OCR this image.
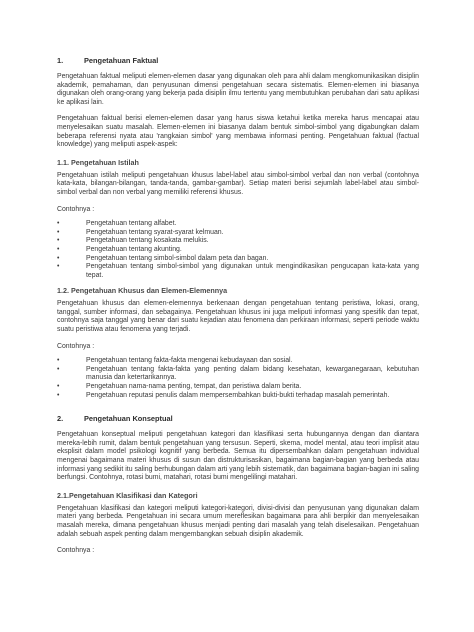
1.	Pengetahuan Faktual

Pengetahuan faktual meliputi elemen-elemen dasar yang digunakan oleh para ahli dalam mengkomunikasikan disiplin akademik, pemahaman, dan penyusunan dimensi pengetahuan secara sistematis. Elemen-elemen ini biasanya digunakan oleh orang-orang yang bekerja pada disiplin ilmu tertentu yang membutuhkan perubahan dari satu aplikasi ke aplikasi lain.

Pengetahuan faktual berisi elemen-elemen dasar yang harus siswa ketahui ketika mereka harus mencapai atau menyelesaikan suatu masalah. Elemen-elemen ini biasanya dalam bentuk simbol-simbol yang digabungkan dalam beberapa referensi nyata atau 'rangkaian simbol' yang membawa informasi penting. Pengetahuan faktual (factual knowledge) yang meliputi aspek-aspek:

1.1. Pengetahuan Istilah

Pengetahuan istilah meliputi pengetahuan khusus label-label atau simbol-simbol verbal dan non verbal (contohnya kata-kata, bilangan-bilangan, tanda-tanda, gambar-gambar). Setiap materi berisi sejumlah label-label atau simbol-simbol verbal dan non verbal yang memiliki referensi khusus.

Contohnya :

•	Pengetahuan tentang alfabet.
•	Pengetahuan tentang syarat-syarat kelmuan.
•	Pengetahuan tentang kosakata melukis.
•	Pengetahuan tentang akunting.
•	Pengetahuan tentang simbol-simbol dalam peta dan bagan.
•	Pengetahuan tentang simbol-simbol yang digunakan untuk mengindikasikan pengucapan kata-kata yang tepat.
1.2. Pengetahuan Khusus dan Elemen-Elemennya

Pengetahuan khusus dan elemen-elemennya berkenaan dengan pengetahuan tentang peristiwa, lokasi, orang, tanggal, sumber informasi, dan sebagainya. Pengetahuan khusus ini juga meliputi informasi yang spesifik dan tepat, contohnya saja tanggal yang benar dari suatu kejadian atau fenomena dan perkiraan informasi, seperti periode waktu suatu peristiwa atau fenomena yang terjadi.

Contohnya :

•	Pengetahuan tentang fakta-fakta mengenai kebudayaan dan sosial.
•	Pengetahuan tentang fakta-fakta yang penting dalam bidang kesehatan, kewarganegaraan, kebutuhan manusia dan ketertarikannya.
•	Pengetahuan nama-nama penting, tempat, dan peristiwa dalam berita.
•	Pengetahuan reputasi penulis dalam mempersembahkan bukti-bukti terhadap masalah pemerintah.
2.	Pengetahuan Konseptual

Pengetahuan konseptual meliputi pengetahuan kategori dan klasifikasi serta hubungannya dengan dan diantara mereka-lebih rumit, dalam bentuk pengetahuan yang tersusun. Seperti, skema, model mental, atau teori implisit atau eksplisit dalam model psikologi kognitif yang berbeda. Semua itu dipersembahkan dalam pengetahuan individual mengenai bagaimana materi khusus di susun dan distrukturisasikan, bagaimana bagian-bagian yang berbeda atau informasi yang sedikit itu saling berhubungan dalam arti yang lebih sistematik, dan bagaimana bagian-bagian ini saling berfungsi. Contohnya, rotasi bumi, matahari, rotasi bumi mengelilingi matahari.

2.1.Pengetahuan Klasifikasi dan Kategori

Pengetahuan klasifikasi dan kategori meliputi kategori-kategori, divisi-divisi dan penyusunan yang digunakan dalam materi yang berbeda. Pengetahuan ini secara umum mereflesikan bagaimana para ahli berpikir dan menyelesaikan masalah mereka, dimana pengetahuan khusus menjadi penting dari masalah yang telah diselesaikan. Pengetahuan adalah sebuah aspek penting dalam mengembangkan sebuah disiplin akademik.

Contohnya :
